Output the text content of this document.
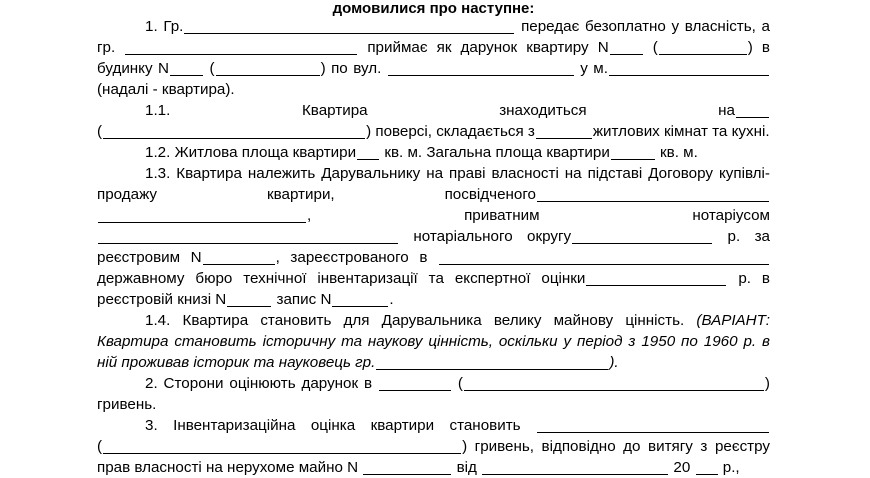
домовилися про наступне:

1. Гр.	передає безоплатно у власність, а гр.	приймає як дарунок квартиру N	(	) в будинку N	(	) по вул.	у м. (надалі - квартира).

1.1.	Квартира знаходиться на (	) поверсі, складається з	житлових кімнат та кухні.

1.2. Житлова площа квартири кв. м. Загальна площа квартири	кв. м.

1.3. Квартира належить Дарувальнику на праві власності на підставі Договору купівлі-продажу квартири, посвідченого , приватним нотаріусом  нотаріального округу	р. за реєстровим N	, зареєстрованого в  державному бюро технічної інвентаризації та експертної оцінки	р. в реєстровій книзі N	запис N	.

1.4. Квартира становить для Дарувальника велику майнову цінність. (ВАРІАНТ: Квартира становить історичну та наукову цінність, оскільки у період з 1950 по 1960 р. в ній проживав історик та науковець гр.	).

2. Сторони оцінюють дарунок в	(	) гривень.

3. Інвентаризаційна оцінка квартири становить  (	) гривень, відповідно до витягу з реєстру прав власності на нерухоме майно N	від	20 р.,
